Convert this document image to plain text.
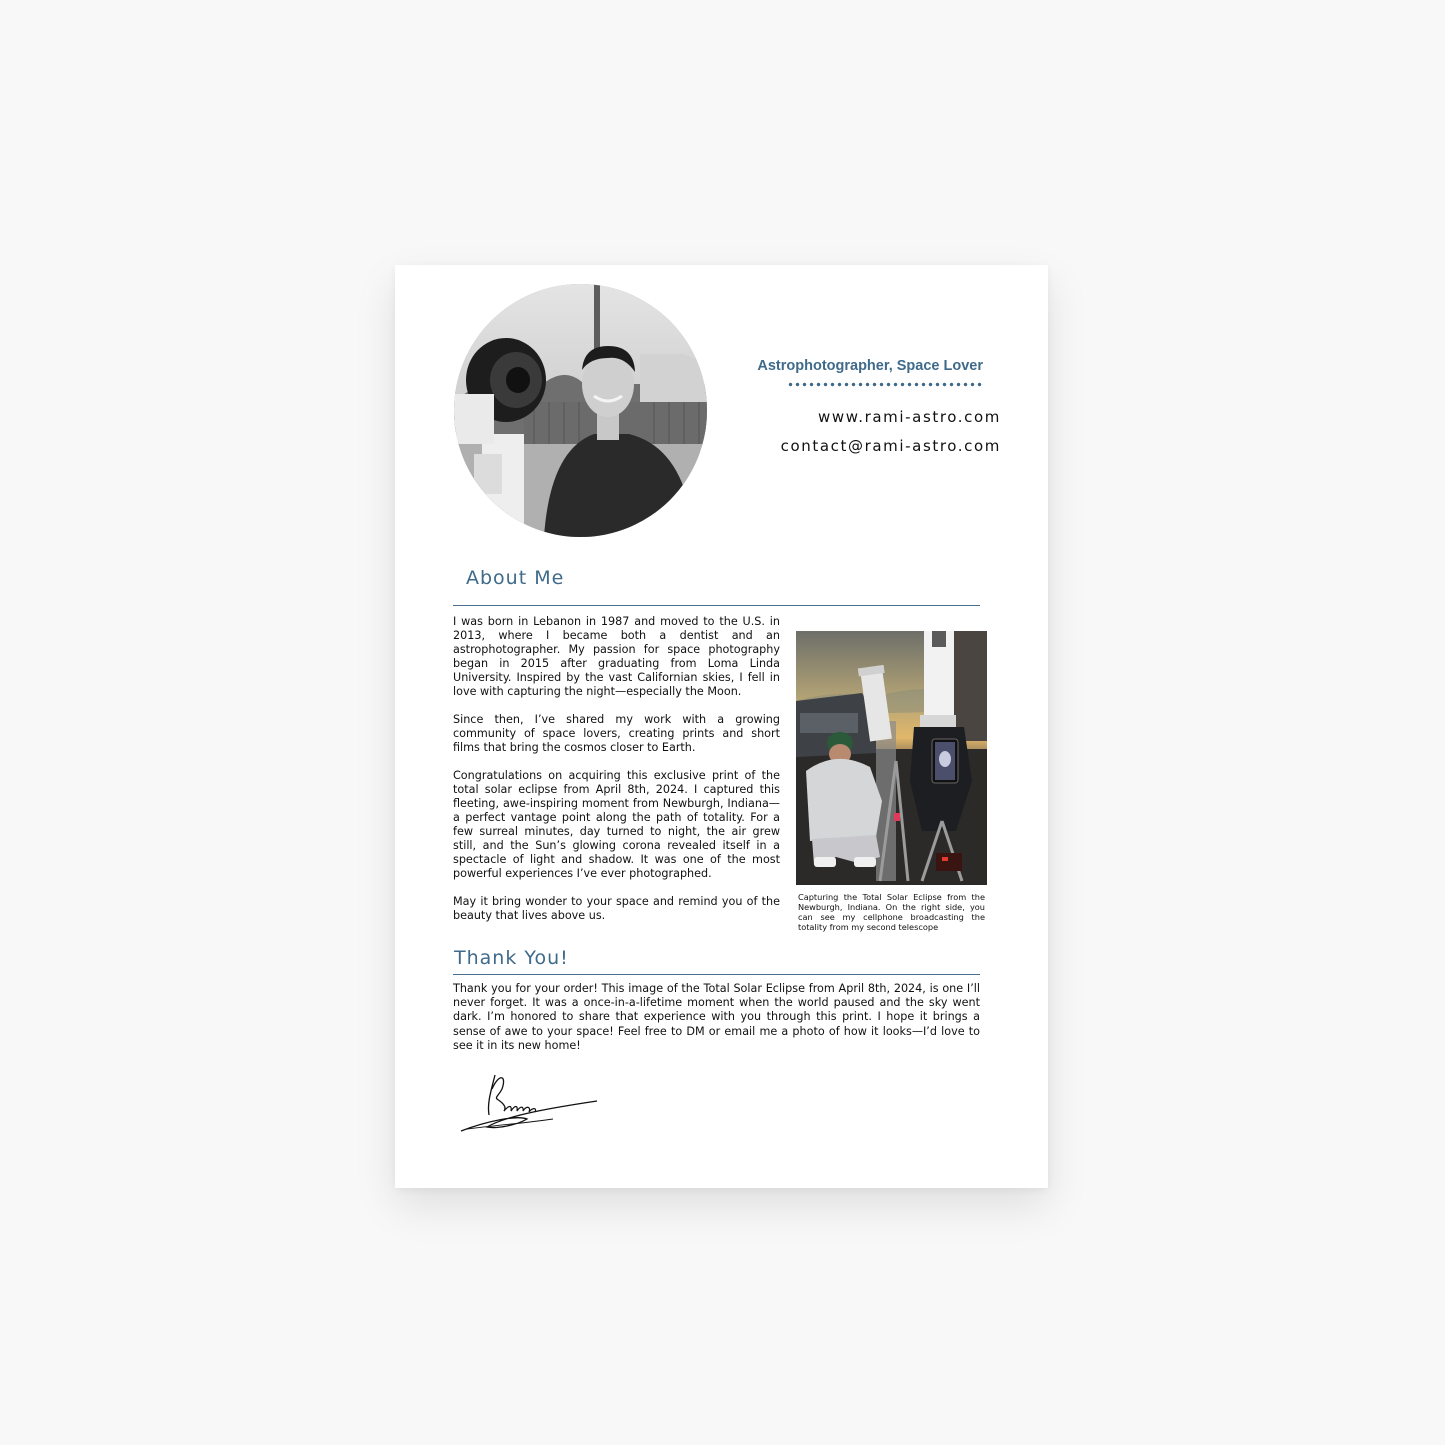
Astrophotographer, Space Lover
www.rami-astro.com
contact@rami-astro.com
About Me

I was born in Lebanon in 1987 and moved to the U.S. in 2013, where I became both a dentist and an astrophotographer. My passion for space photography began in 2015 after graduating from Loma Linda University. Inspired by the vast Californian skies, I fell in love with capturing the night—especially the Moon.

Since then, I’ve shared my work with a growing community of space lovers, creating prints and short films that bring the cosmos closer to Earth.

Congratulations on acquiring this exclusive print of the total solar eclipse from April 8th, 2024. I captured this fleeting, awe-inspiring moment from Newburgh, Indiana—a perfect vantage point along the path of totality. For a few surreal minutes, day turned to night, the air grew still, and the Sun’s glowing corona revealed itself in a spectacle of light and shadow. It was one of the most powerful experiences I’ve ever photographed.

May it bring wonder to your space and remind you of the beauty that lives above us.

Capturing the Total Solar Eclipse from the Newburgh, Indiana. On the right side, you can see my cellphone broadcasting the totality from my second telescope
Thank You!

Thank you for your order! This image of the Total Solar Eclipse from April 8th, 2024, is one I’ll never forget. It was a once-in-a-lifetime moment when the world paused and the sky went dark. I’m honored to share that experience with you through this print. I hope it brings a sense of awe to your space! Feel free to DM or email me a photo of how it looks—I’d love to see it in its new home!
